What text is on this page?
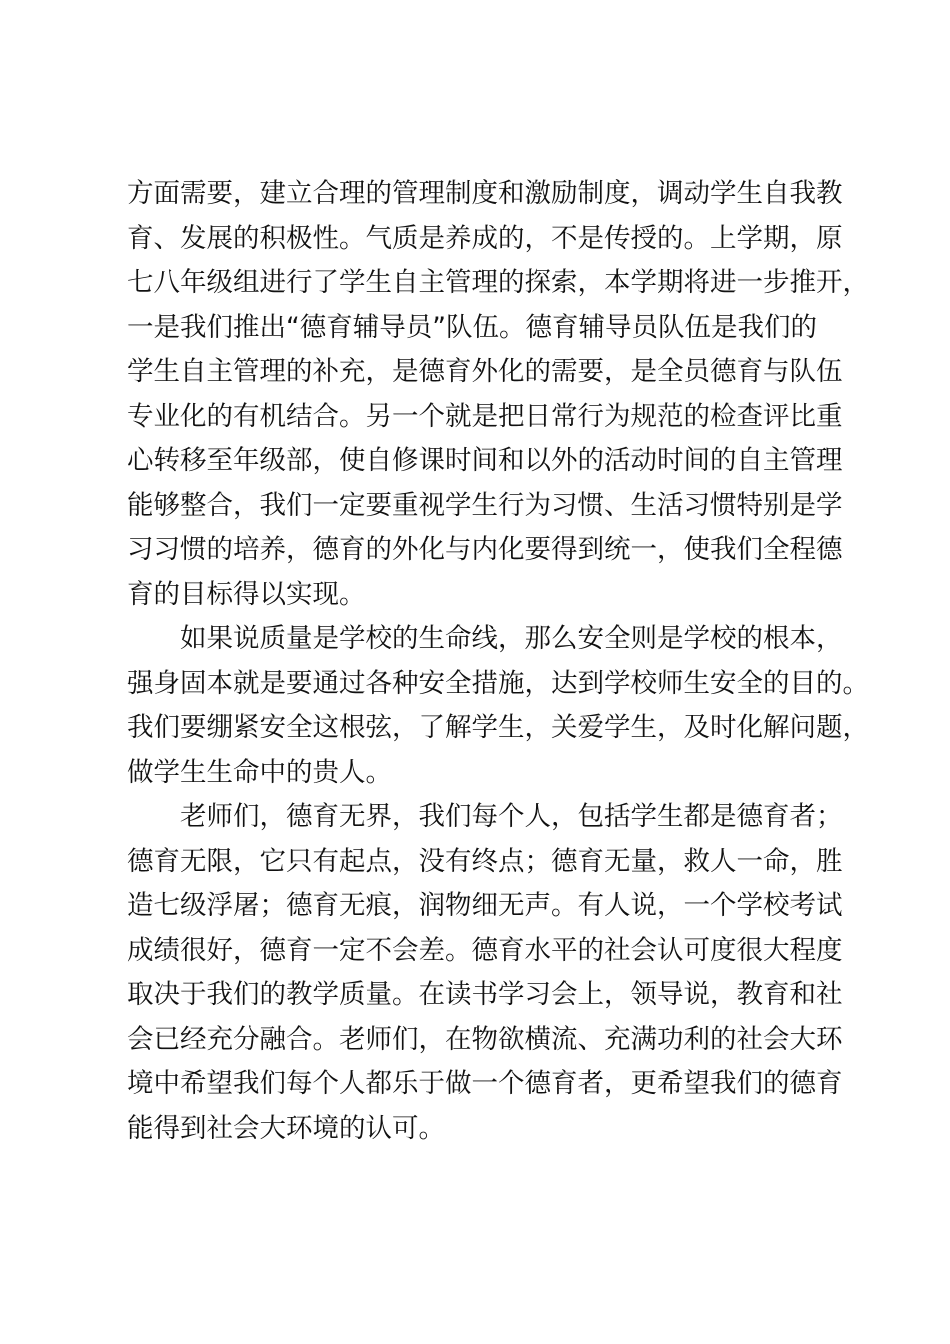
方面需要，建立合理的管理制度和激励制度，调动学生自我教
育、发展的积极性。气质是养成的，不是传授的。上学期，原
七八年级组进行了学生自主管理的探索，本学期将进一步推开，
一是我们推出“德育辅导员”队伍。德育辅导员队伍是我们的
学生自主管理的补充，是德育外化的需要，是全员德育与队伍
专业化的有机结合。另一个就是把日常行为规范的检查评比重
心转移至年级部，使自修课时间和以外的活动时间的自主管理
能够整合，我们一定要重视学生行为习惯、生活习惯特别是学
习习惯的培养，德育的外化与内化要得到统一，使我们全程德
育的目标得以实现。
如果说质量是学校的生命线，那么安全则是学校的根本，
强身固本就是要通过各种安全措施，达到学校师生安全的目的。
我们要绷紧安全这根弦，了解学生，关爱学生，及时化解问题，
做学生生命中的贵人。
老师们，德育无界，我们每个人，包括学生都是德育者；
德育无限，它只有起点，没有终点；德育无量，救人一命，胜
造七级浮屠；德育无痕，润物细无声。有人说，一个学校考试
成绩很好，德育一定不会差。德育水平的社会认可度很大程度
取决于我们的教学质量。在读书学习会上，领导说，教育和社
会已经充分融合。老师们，在物欲横流、充满功利的社会大环
境中希望我们每个人都乐于做一个德育者，更希望我们的德育
能得到社会大环境的认可。
